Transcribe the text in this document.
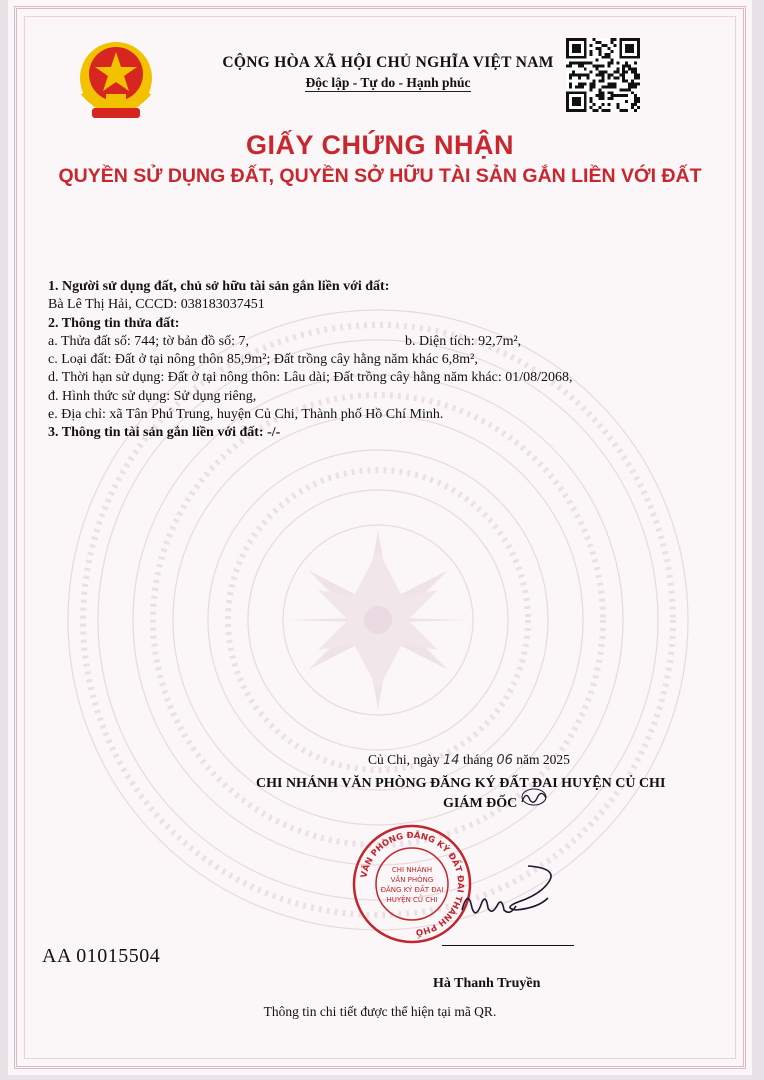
CỘNG HÒA XÃ HỘI CHỦ NGHĨA VIỆT NAM
Độc lập - Tự do - Hạnh phúc
GIẤY CHỨNG NHẬN
QUYỀN SỬ DỤNG ĐẤT, QUYỀN SỞ HỮU TÀI SẢN GẮN LIỀN VỚI ĐẤT
1. Người sử dụng đất, chủ sở hữu tài sản gắn liền với đất:
Bà Lê Thị Hải, CCCD: 038183037451
2. Thông tin thửa đất:
a. Thửa đất số: 744; tờ bản đồ số: 7,	b. Diện tích: 92,7m²,
c. Loại đất: Đất ở tại nông thôn 85,9m²; Đất trồng cây hằng năm khác 6,8m²,
d. Thời hạn sử dụng: Đất ở tại nông thôn: Lâu dài; Đất trồng cây hằng năm khác: 01/08/2068,
đ. Hình thức sử dụng: Sử dụng riêng,
e. Địa chỉ: xã Tân Phú Trung, huyện Củ Chi, Thành phố Hồ Chí Minh.
3. Thông tin tài sản gắn liền với đất: -/-
Củ Chi, ngày 14 tháng 06 năm 2025
CHI NHÁNH VĂN PHÒNG ĐĂNG KÝ ĐẤT ĐAI HUYỆN CỦ CHI
GIÁM ĐỐC
VĂN PHÒNG ĐĂNG KÝ ĐẤT ĐAI THÀNH PHỐ
CHI NHÁNH
VĂN PHÒNG
ĐĂNG KÝ ĐẤT ĐAI
HUYỆN CỦ CHI
Hà Thanh Truyền
AA 01015504
Thông tin chi tiết được thể hiện tại mã QR.
